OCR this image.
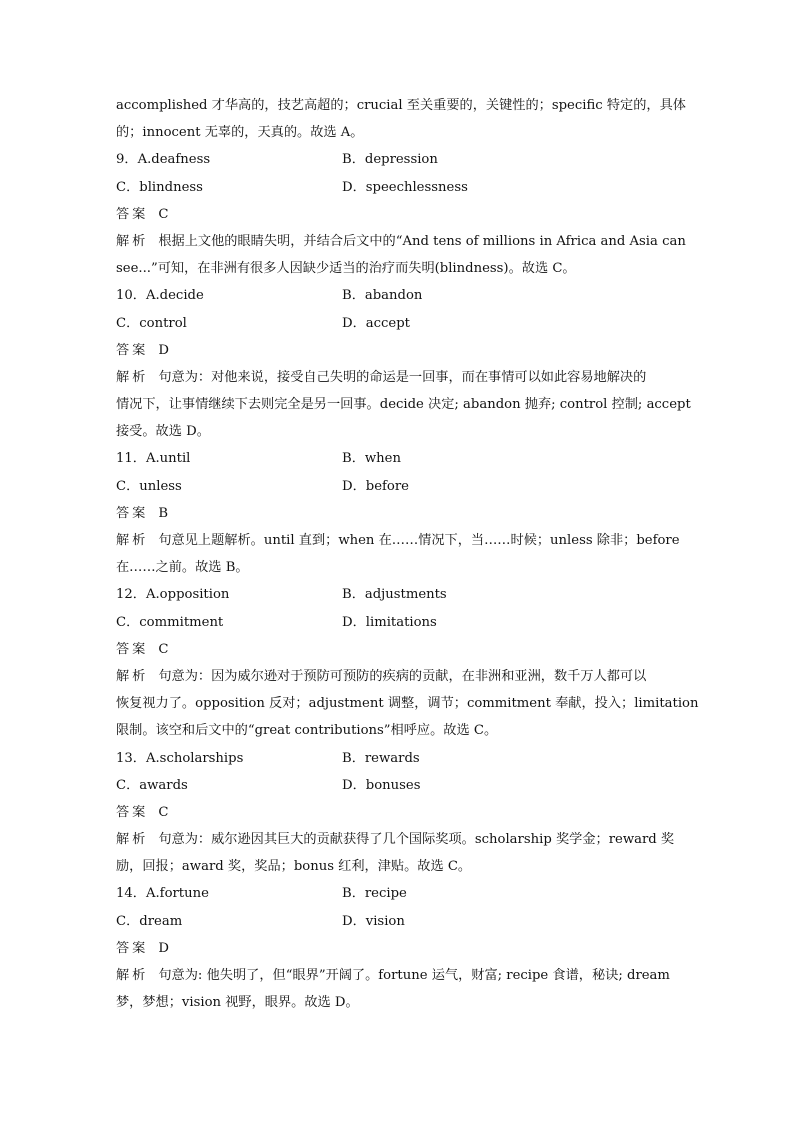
accomplished 才华高的，技艺高超的；crucial 至关重要的，关键性的；specific 特定的，具体
的；innocent 无辜的，天真的。故选 A。
9．A.deafness	B．depression
C．blindness	D．speechlessness
答案 C
解析 根据上文他的眼睛失明，并结合后文中的“And tens of millions in Africa and Asia can
see...”可知，在非洲有很多人因缺少适当的治疗而失明(blindness)。故选 C。
10．A.decide	B．abandon
C．control	D．accept
答案 D
解析 句意为：对他来说，接受自己失明的命运是一回事，而在事情可以如此容易地解决的
情况下，让事情继续下去则完全是另一回事。decide 决定; abandon 抛弃; control 控制; accept
接受。故选 D。
11．A.until	B．when
C．unless	D．before
答案 B
解析 句意见上题解析。until 直到；when 在……情况下，当……时候；unless 除非；before
在……之前。故选 B。
12．A.opposition	B．adjustments
C．commitment	D．limitations
答案 C
解析 句意为：因为威尔逊对于预防可预防的疾病的贡献，在非洲和亚洲，数千万人都可以
恢复视力了。opposition 反对；adjustment 调整，调节；commitment 奉献，投入；limitation
限制。该空和后文中的“great contributions”相呼应。故选 C。
13．A.scholarships	B．rewards
C．awards	D．bonuses
答案 C
解析 句意为：威尔逊因其巨大的贡献获得了几个国际奖项。scholarship 奖学金；reward 奖
励，回报；award 奖，奖品；bonus 红利，津贴。故选 C。
14．A.fortune	B．recipe
C．dream	D．vision
答案 D
解析 句意为: 他失明了，但“眼界”开阔了。fortune 运气，财富; recipe 食谱，秘诀; dream
梦，梦想；vision 视野，眼界。故选 D。
